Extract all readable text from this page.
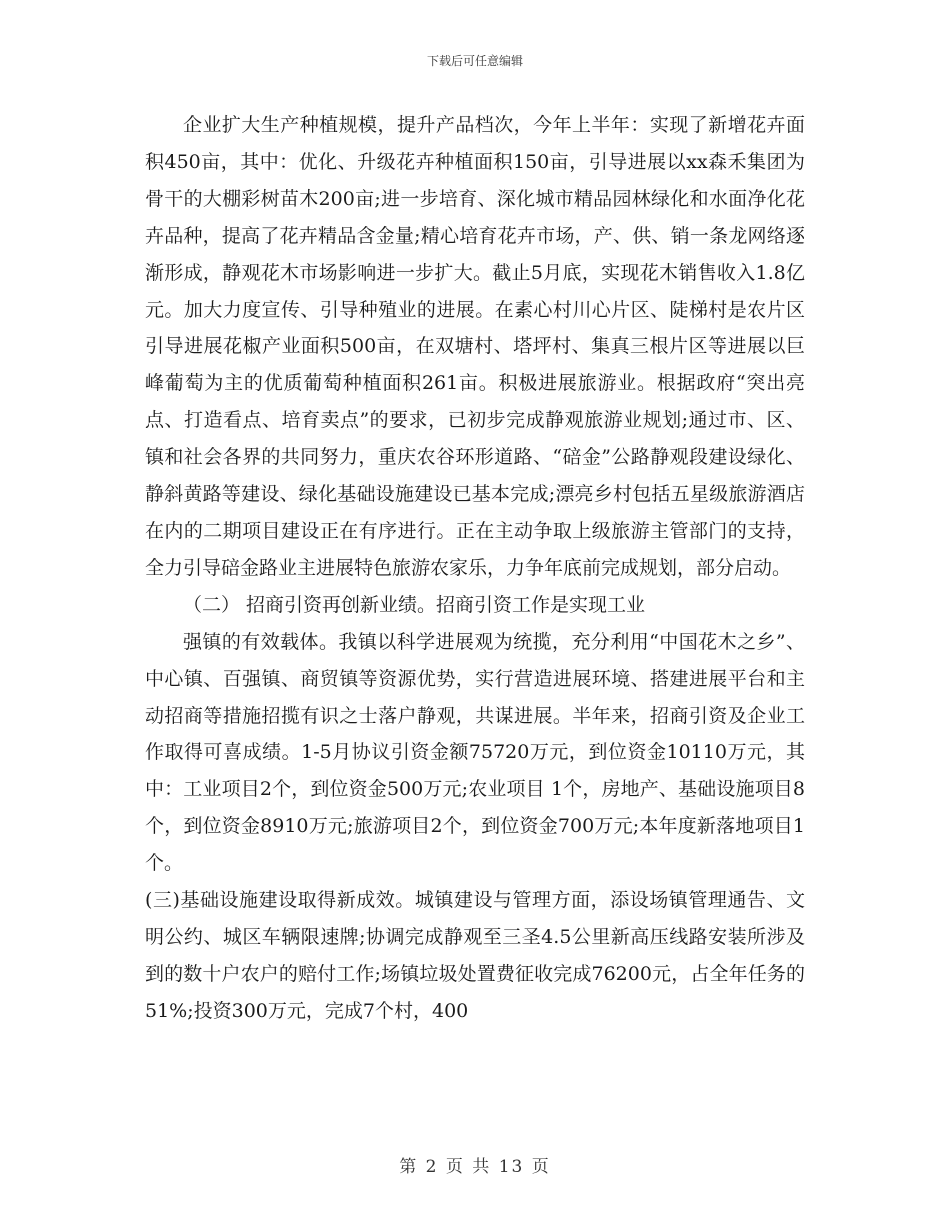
下载后可任意编辑

企业扩大生产种植规模，提升产品档次，今年上半年：实现了新增花卉面积450亩，其中：优化、升级花卉种植面积150亩，引导进展以xx森禾集团为骨干的大棚彩树苗木200亩;进一步培育、深化城市精品园林绿化和水面净化花卉品种，提高了花卉精品含金量;精心培育花卉市场，产、供、销一条龙网络逐渐形成，静观花木市场影响进一步扩大。截止5月底，实现花木销售收入1.8亿元。加大力度宣传、引导种殖业的进展。在素心村川心片区、陡梯村是农片区引导进展花椒产业面积500亩，在双塘村、塔坪村、集真三根片区等进展以巨峰葡萄为主的优质葡萄种植面积261亩。积极进展旅游业。根据政府“突出亮点、打造看点、培育卖点”的要求，已初步完成静观旅游业规划;通过市、区、镇和社会各界的共同努力，重庆农谷环形道路、“碚金”公路静观段建设绿化、静斜黄路等建设、绿化基础设施建设已基本完成;漂亮乡村包括五星级旅游酒店在内的二期项目建设正在有序进行。正在主动争取上级旅游主管部门的支持，全力引导碚金路业主进展特色旅游农家乐，力争年底前完成规划，部分启动。

（二） 招商引资再创新业绩。招商引资工作是实现工业

强镇的有效载体。我镇以科学进展观为统揽，充分利用“中国花木之乡”、中心镇、百强镇、商贸镇等资源优势，实行营造进展环境、搭建进展平台和主动招商等措施招揽有识之士落户静观，共谋进展。半年来，招商引资及企业工作取得可喜成绩。1-5月协议引资金额75720万元，到位资金10110万元，其中：工业项目2个，到位资金500万元;农业项目 1个，房地产、基础设施项目8个，到位资金8910万元;旅游项目2个，到位资金700万元;本年度新落地项目1个。

(三)基础设施建设取得新成效。城镇建设与管理方面，添设场镇管理通告、文明公约、城区车辆限速牌;协调完成静观至三圣4.5公里新高压线路安装所涉及到的数十户农户的赔付工作;场镇垃圾处置费征收完成76200元，占全年任务的51%;投资300万元，完成7个村，400

第 2 页 共 13 页
